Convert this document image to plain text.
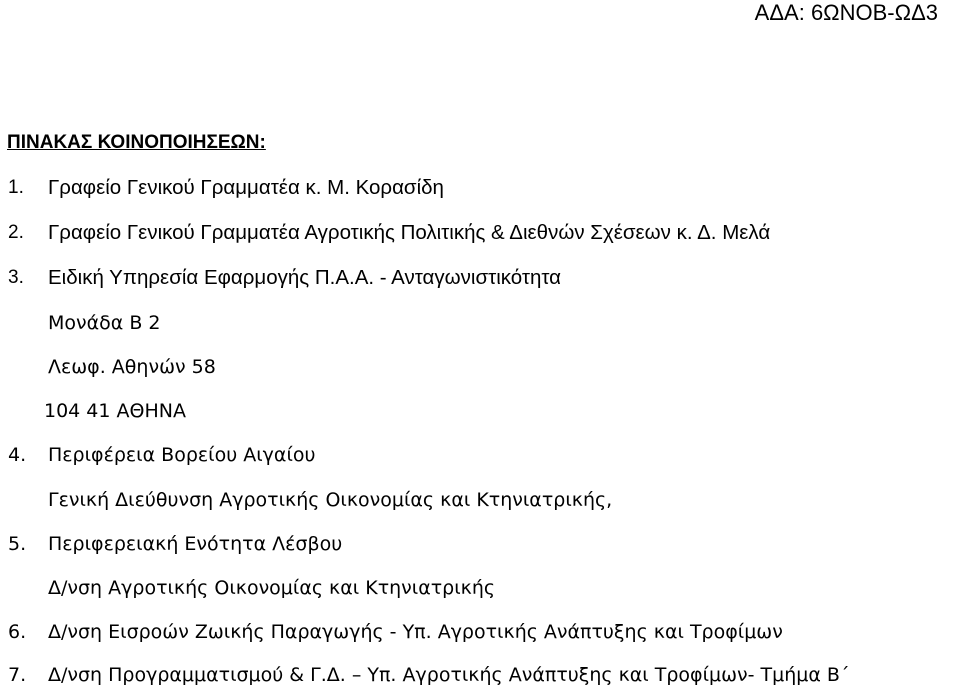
ΑΔΑ: 6ΩΝΟΒ-ΩΔ3
ΠΙΝΑΚΑΣ ΚΟΙΝΟΠΟΙΗΣΕΩΝ:
1. Γραφείο Γενικού Γραμματέα κ. Μ. Κορασίδη
2. Γραφείο Γενικού Γραμματέα Αγροτικής Πολιτικής & Διεθνών Σχέσεων κ. Δ. Μελά
3. Ειδική Υπηρεσία Εφαρμογής Π.Α.Α. - Ανταγωνιστικότητα
Μονάδα Β 2
Λεωφ. Αθηνών 58
104 41 ΑΘΗΝΑ
4. Περιφέρεια Βορείου Αιγαίου
Γενική Διεύθυνση Αγροτικής Οικονομίας και Κτηνιατρικής,
5. Περιφερειακή Ενότητα Λέσβου
Δ/νση Αγροτικής Οικονομίας και Κτηνιατρικής
6. Δ/νση Εισροών Ζωικής Παραγωγής - Υπ. Αγροτικής Ανάπτυξης και Τροφίμων
7. Δ/νση Προγραμματισμού & Γ.Δ. – Υπ. Αγροτικής Ανάπτυξης και Τροφίμων- Τμήμα Β΄
